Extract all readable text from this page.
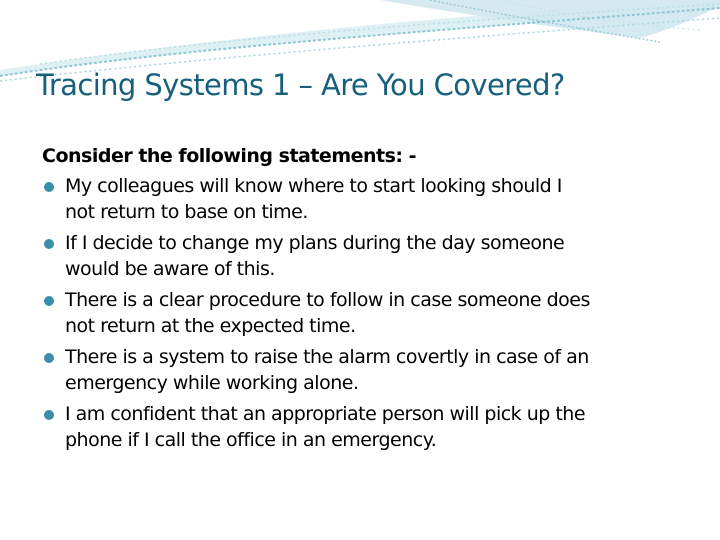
Tracing Systems 1 – Are You Covered?

Consider the following statements: -

My colleagues will know where to start looking should I
not return to base on time.
If I decide to change my plans during the day someone
would be aware of this.
There is a clear procedure to follow in case someone does
not return at the expected time.
There is a system to raise the alarm covertly in case of an
emergency while working alone.
I am confident that an appropriate person will pick up the
phone if I call the office in an emergency.
